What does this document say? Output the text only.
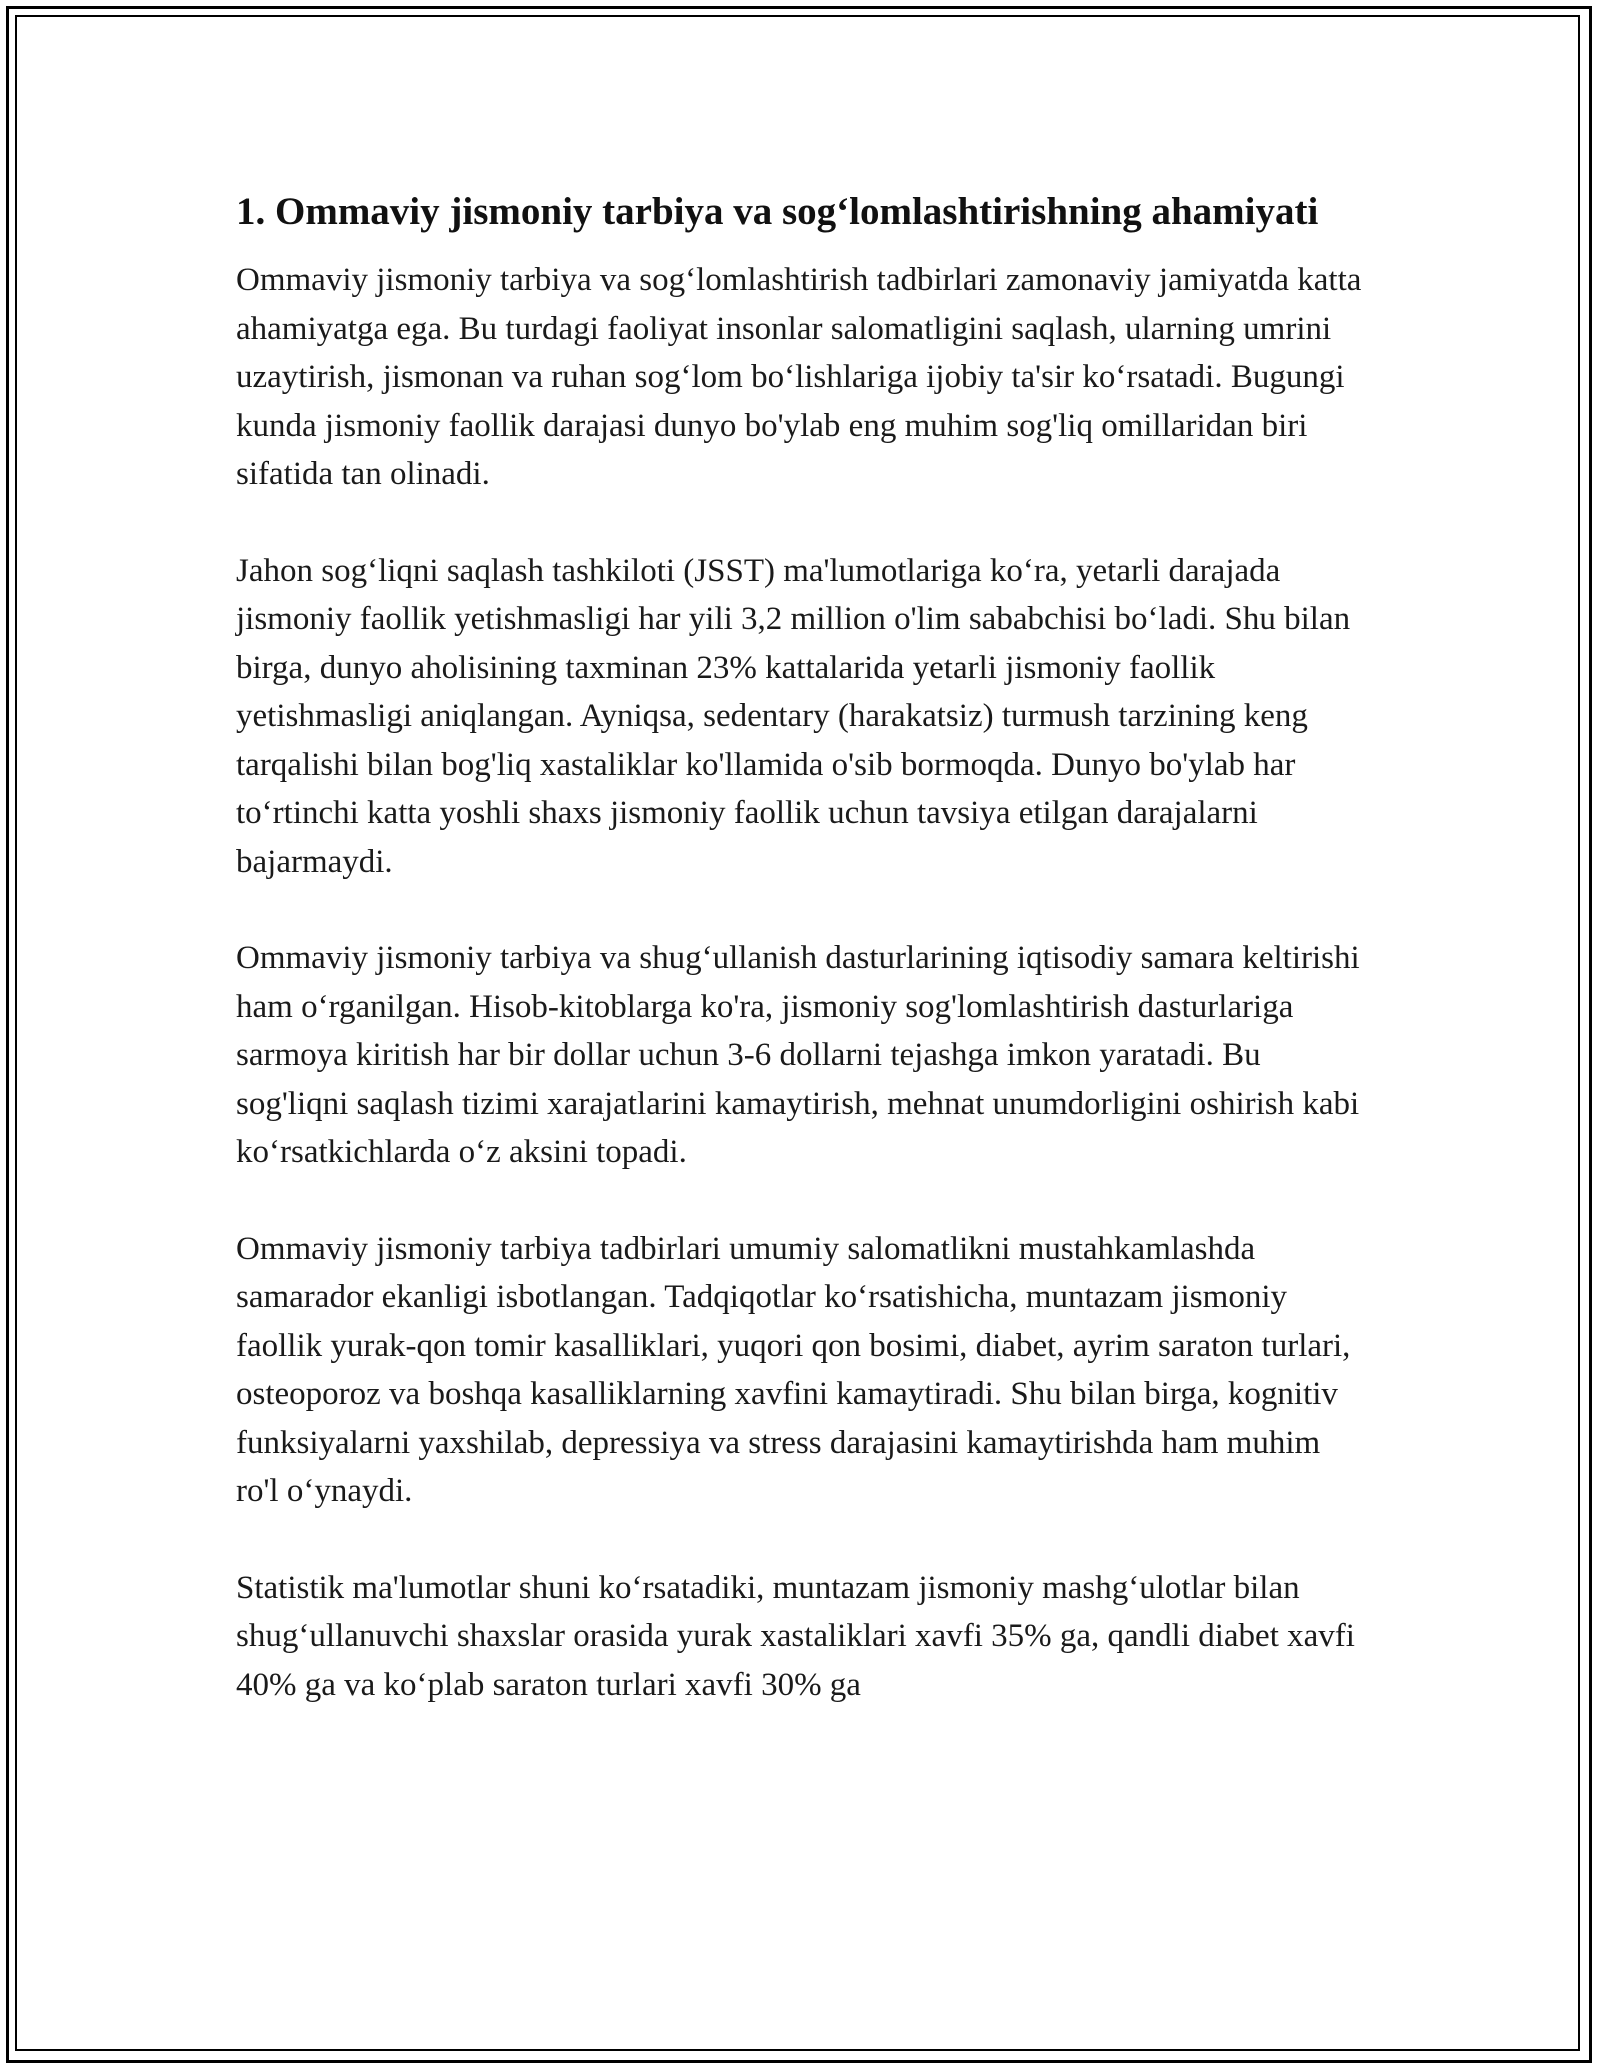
1. Ommaviy jismoniy tarbiya va sog‘lomlashtirishning ahamiyati

Ommaviy jismoniy tarbiya va sog‘lomlashtirish tadbirlari zamonaviy jamiyatda katta ahamiyatga ega. Bu turdagi faoliyat insonlar salomatligini saqlash, ularning umrini uzaytirish, jismonan va ruhan sog‘lom bo‘lishlariga ijobiy ta'sir ko‘rsatadi. Bugungi kunda jismoniy faollik darajasi dunyo bo'ylab eng muhim sog'liq omillaridan biri sifatida tan olinadi.

Jahon sog‘liqni saqlash tashkiloti (JSST) ma'lumotlariga ko‘ra, yetarli darajada jismoniy faollik yetishmasligi har yili 3,2 million o'lim sababchisi bo‘ladi. Shu bilan birga, dunyo aholisining taxminan 23% kattalarida yetarli jismoniy faollik yetishmasligi aniqlangan. Ayniqsa, sedentary (harakatsiz) turmush tarzining keng tarqalishi bilan bog'liq xastaliklar ko'llamida o'sib bormoqda. Dunyo bo'ylab har to‘rtinchi katta yoshli shaxs jismoniy faollik uchun tavsiya etilgan darajalarni bajarmaydi.

Ommaviy jismoniy tarbiya va shug‘ullanish dasturlarining iqtisodiy samara keltirishi ham o‘rganilgan. Hisob-kitoblarga ko'ra, jismoniy sog'lomlashtirish dasturlariga sarmoya kiritish har bir dollar uchun 3-6 dollarni tejashga imkon yaratadi. Bu sog'liqni saqlash tizimi xarajatlarini kamaytirish, mehnat unumdorligini oshirish kabi ko‘rsatkichlarda o‘z aksini topadi.

Ommaviy jismoniy tarbiya tadbirlari umumiy salomatlikni mustahkamlashda samarador ekanligi isbotlangan. Tadqiqotlar ko‘rsatishicha, muntazam jismoniy faollik yurak-qon tomir kasalliklari, yuqori qon bosimi, diabet, ayrim saraton turlari, osteoporoz va boshqa kasalliklarning xavfini kamaytiradi. Shu bilan birga, kognitiv funksiyalarni yaxshilab, depressiya va stress darajasini kamaytirishda ham muhim ro'l o‘ynaydi.

Statistik ma'lumotlar shuni ko‘rsatadiki, muntazam jismoniy mashg‘ulotlar bilan shug‘ullanuvchi shaxslar orasida yurak xastaliklari xavfi 35% ga, qandli diabet xavfi 40% ga va ko‘plab saraton turlari xavfi 30% ga
